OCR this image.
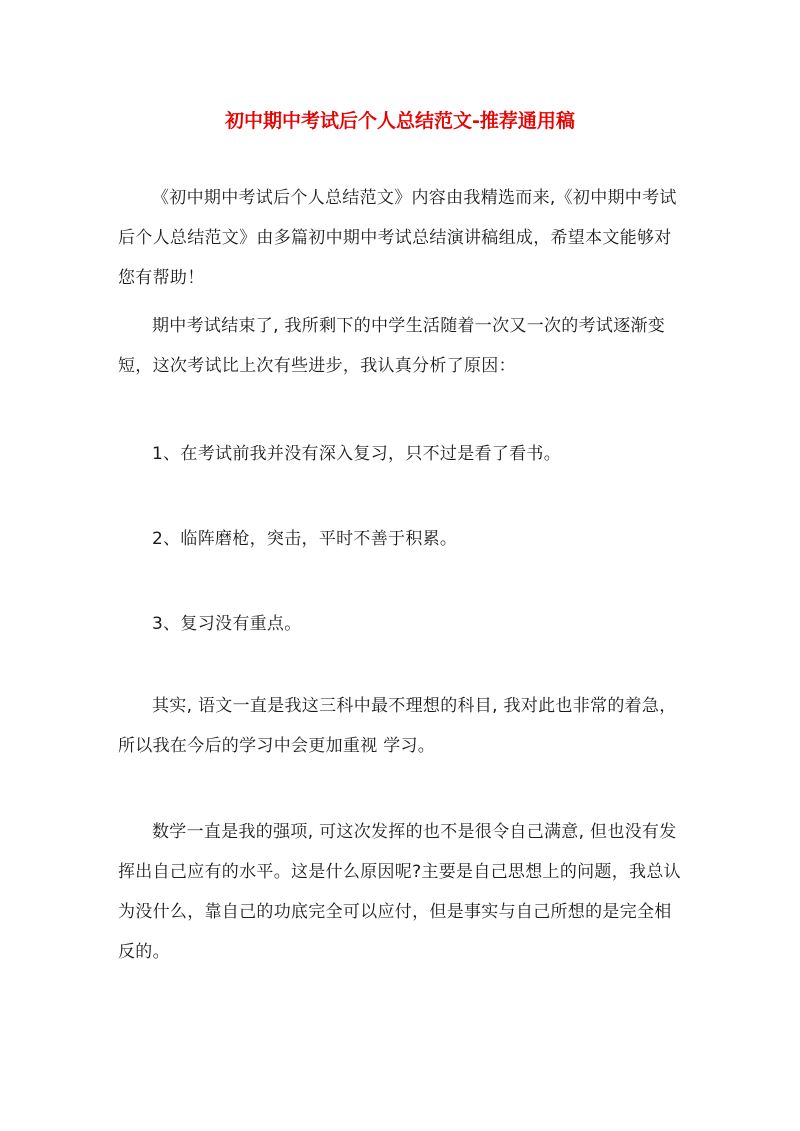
初中期中考试后个人总结范文-推荐通用稿

《初中期中考试后个人总结范文》内容由我精选而来,《初中期中考试后个人总结范文》由多篇初中期中考试总结演讲稿组成，希望本文能够对您有帮助！

期中考试结束了, 我所剩下的中学生活随着一次又一次的考试逐渐变短，这次考试比上次有些进步，我认真分析了原因：

1、在考试前我并没有深入复习，只不过是看了看书。

2、临阵磨枪，突击，平时不善于积累。

3、复习没有重点。

其实, 语文一直是我这三科中最不理想的科目, 我对此也非常的着急，所以我在今后的学习中会更加重视 学习。

数学一直是我的强项, 可这次发挥的也不是很令自己满意, 但也没有发挥出自己应有的水平。这是什么原因呢?主要是自己思想上的问题，我总认为没什么，靠自己的功底完全可以应付，但是事实与自己所想的是完全相反的。
